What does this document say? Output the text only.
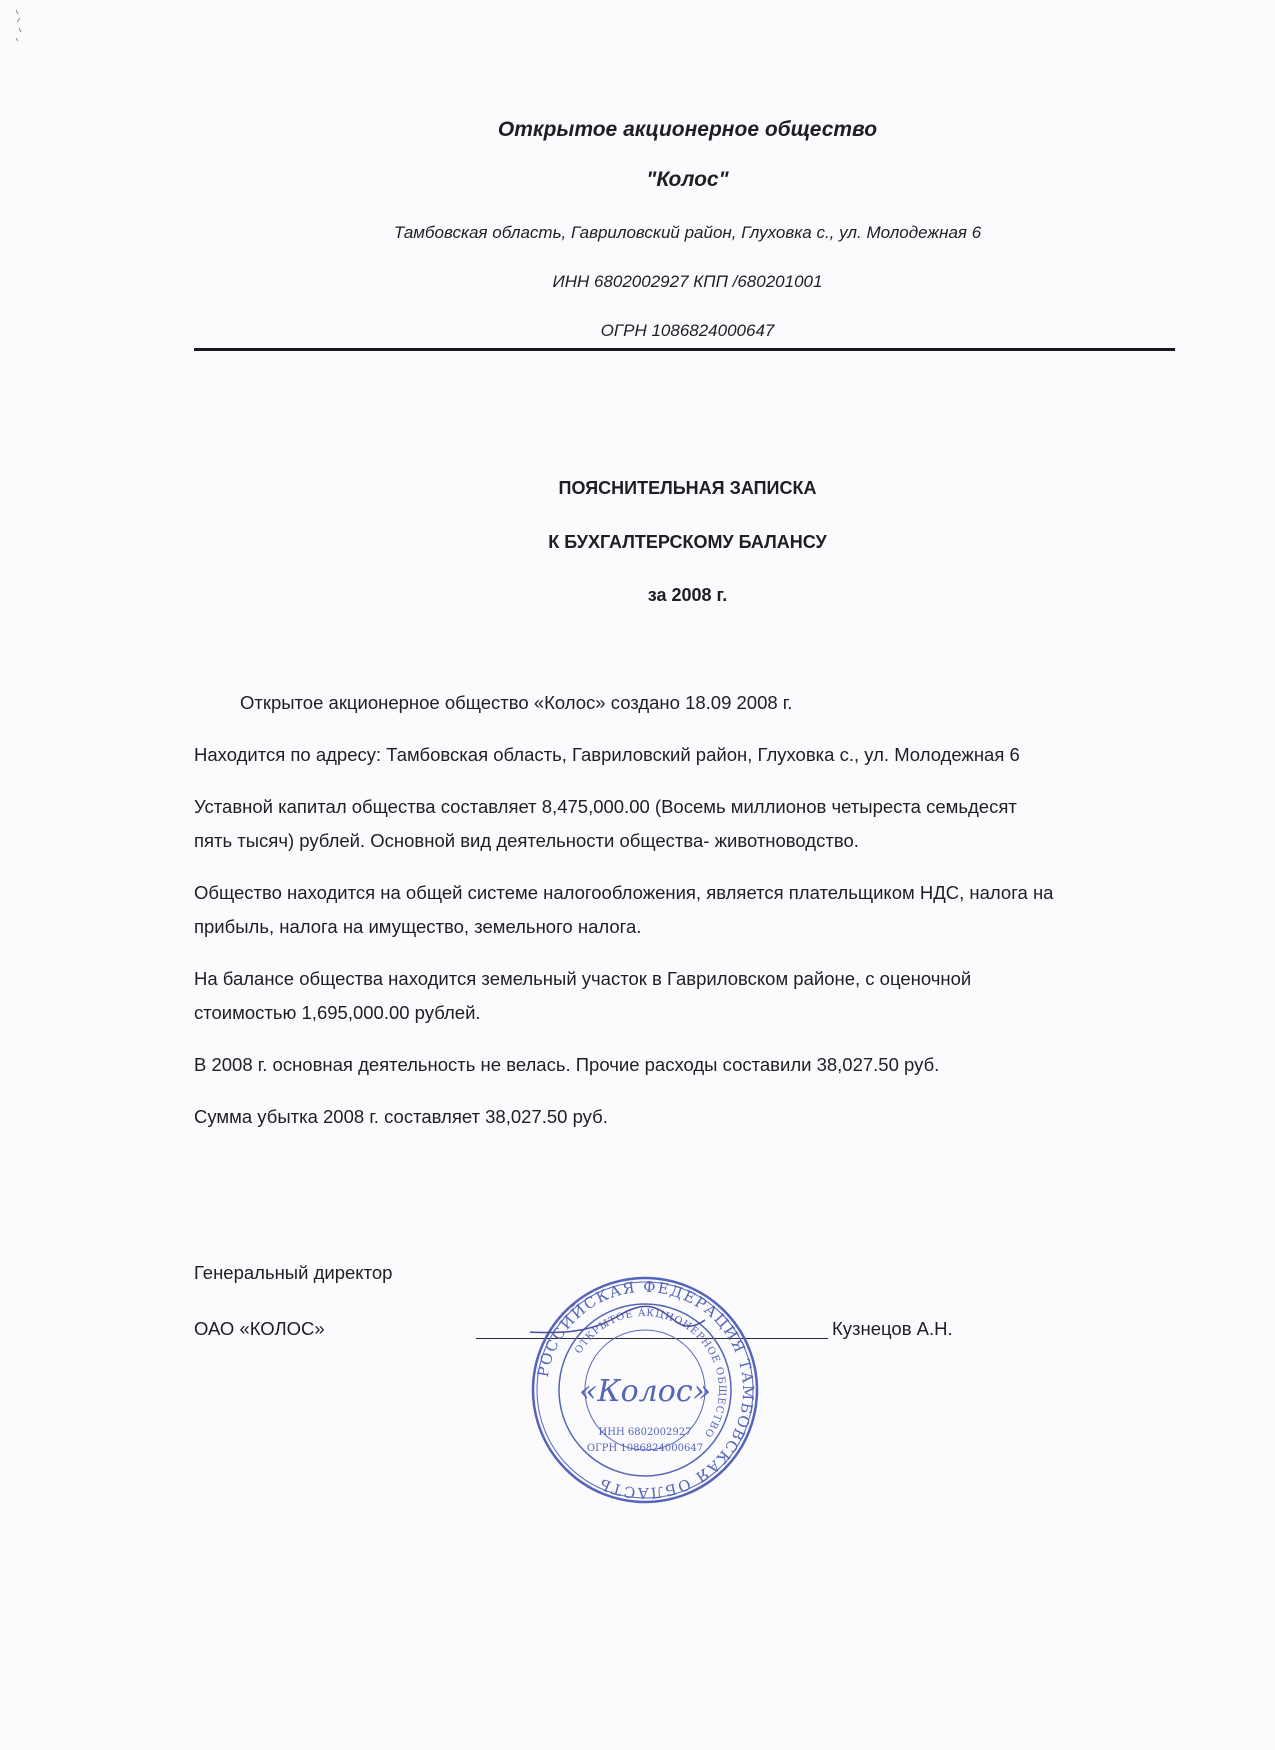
Открытое акционерное общество
"Колос"
Тамбовская область, Гавриловский район, Глуховка с., ул. Молодежная 6
ИНН 6802002927 КПП /680201001
ОГРН 1086824000647
ПОЯСНИТЕЛЬНАЯ ЗАПИСКА
К БУХГАЛТЕРСКОМУ БАЛАНСУ
за 2008 г.
Открытое акционерное общество «Колос» создано 18.09 2008 г.
Находится по адресу: Тамбовская область, Гавриловский район, Глуховка с., ул. Молодежная 6
Уставной капитал общества составляет 8,475,000.00 (Восемь миллионов четыреста семьдесят
пять тысяч) рублей. Основной вид деятельности общества- животноводство.
Общество находится на общей системе налогообложения, является плательщиком НДС, налога на
прибыль, налога на имущество, земельного налога.
На балансе общества находится земельный участок в Гавриловском районе, с оценочной
стоимостью 1,695,000.00 рублей.
В 2008 г. основная деятельность не велась. Прочие расходы составили 38,027.50 руб.
Сумма убытка 2008 г. составляет 38,027.50 руб.
Генеральный директор
ОАО «КОЛОС»	Кузнецов А.Н.
РОССИЙСКАЯ ФЕДЕРАЦИЯ ТАМБОВСКАЯ ОБЛАСТЬ
ОТКРЫТОЕ АКЦИОНЕРНОЕ ОБЩЕСТВО
«Колос»
ИНН 6802002927
ОГРН 1086824000647
